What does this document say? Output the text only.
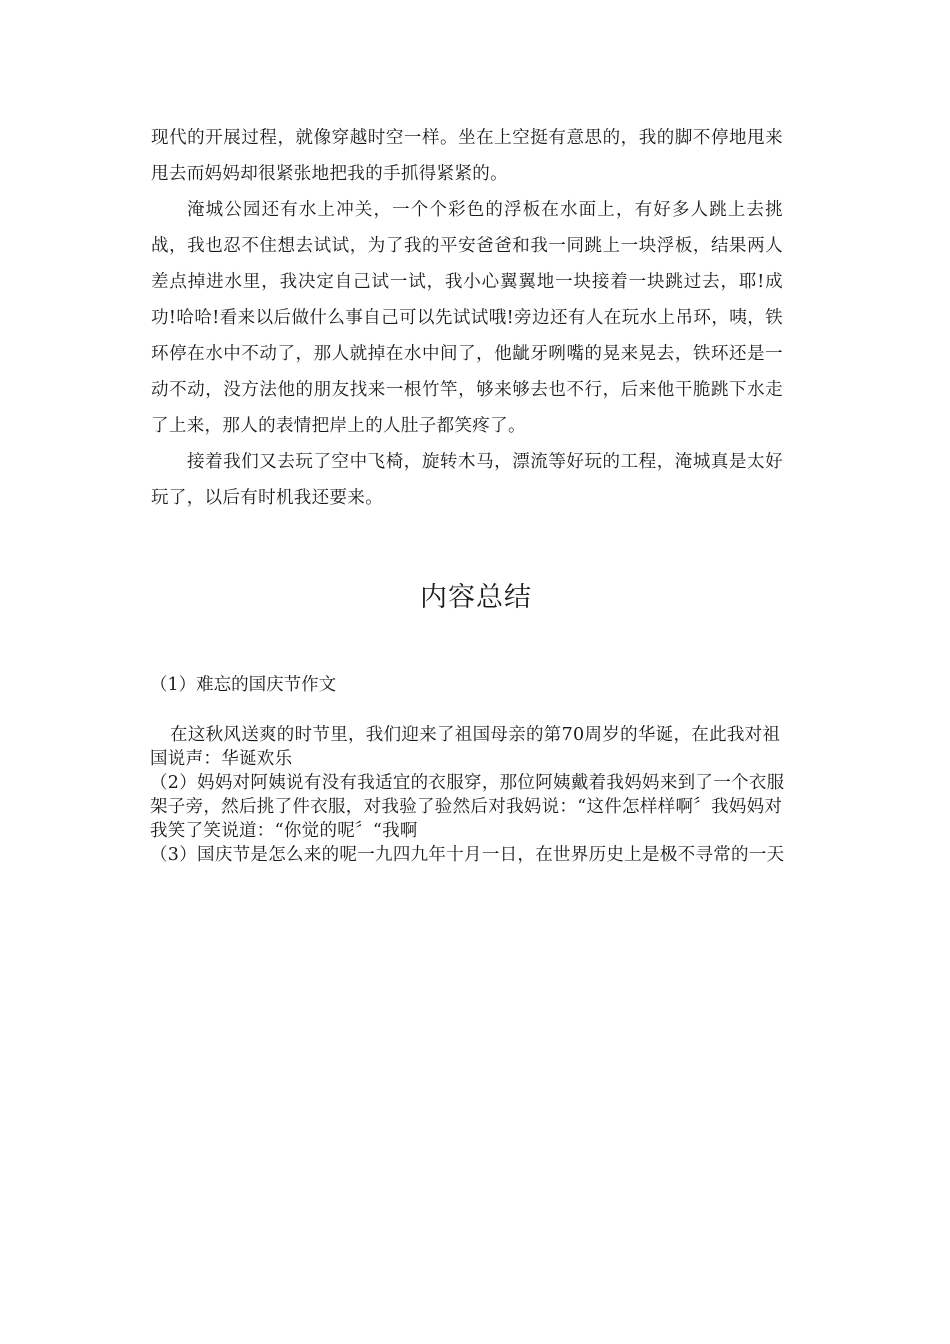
现代的开展过程，就像穿越时空一样。坐在上空挺有意思的，我的脚不停地甩来甩去而妈妈却很紧张地把我的手抓得紧紧的。

淹城公园还有水上冲关，一个个彩色的浮板在水面上，有好多人跳上去挑战，我也忍不住想去试试，为了我的平安爸爸和我一同跳上一块浮板，结果两人差点掉进水里，我决定自己试一试，我小心翼翼地一块接着一块跳过去，耶!成功!哈哈!看来以后做什么事自己可以先试试哦!旁边还有人在玩水上吊环，咦，铁环停在水中不动了，那人就掉在水中间了，他龇牙咧嘴的晃来晃去，铁环还是一动不动，没方法他的朋友找来一根竹竿，够来够去也不行，后来他干脆跳下水走了上来，那人的表情把岸上的人肚子都笑疼了。

接着我们又去玩了空中飞椅，旋转木马，漂流等好玩的工程，淹城真是太好玩了，以后有时机我还要来。

内容总结

（1）难忘的国庆节作文

在这秋风送爽的时节里，我们迎来了祖国母亲的第70周岁的华诞，在此我对祖国说声：华诞欢乐

（2）妈妈对阿姨说有没有我适宜的衣服穿，那位阿姨戴着我妈妈来到了一个衣服架子旁，然后挑了件衣服，对我验了验然后对我妈说：“这件怎样样啊〞我妈妈对我笑了笑说道：“你觉的呢〞“我啊

（3）国庆节是怎么来的呢一九四九年十月一日，在世界历史上是极不寻常的一天
